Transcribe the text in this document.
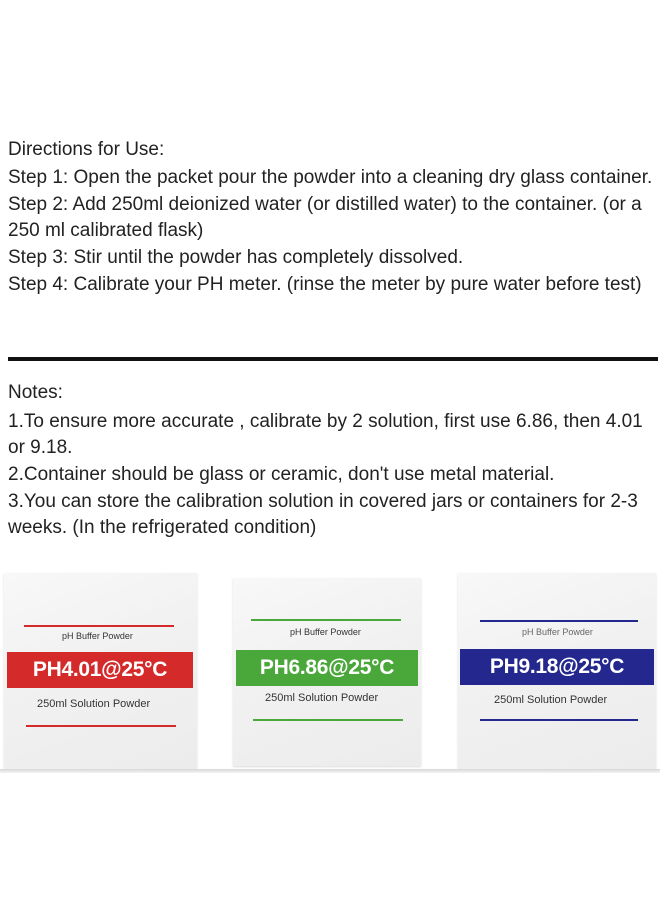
Directions for Use:

Step 1: Open the packet pour the powder into a cleaning dry glass container.

Step 2: Add 250ml deionized water (or distilled water) to the container. (or a 250 ml calibrated flask)

Step 3: Stir until the powder has completely dissolved.

Step 4: Calibrate your PH meter. (rinse the meter by pure water before test)

Notes:

1.To ensure more accurate , calibrate by 2 solution, first use 6.86, then 4.01 or 9.18.

2.Container should be glass or ceramic, don't use metal material.

3.You can store the calibration solution in covered jars or containers for 2-3 weeks. (In the refrigerated condition)

pH Buffer Powder
PH4.01@25°C
250ml Solution Powder
pH Buffer Powder
PH6.86@25°C
250ml Solution Powder
pH Buffer Powder
PH9.18@25°C
250ml Solution Powder
